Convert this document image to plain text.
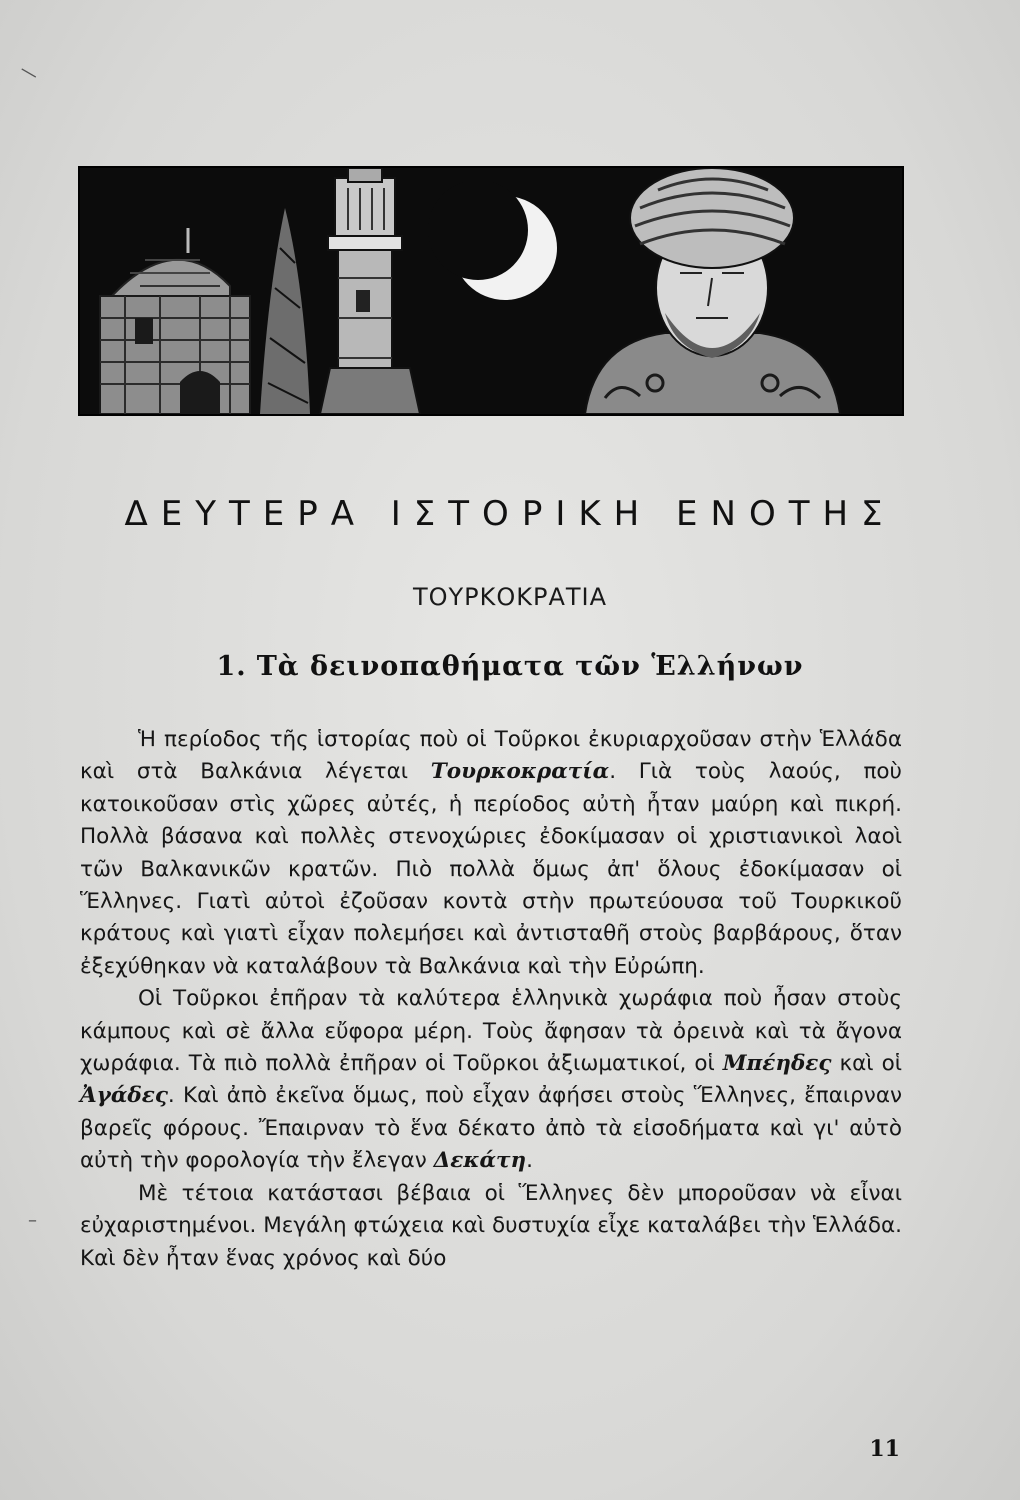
ΔΕΥΤΕΡΑ ΙΣΤΟΡΙΚΗ ΕΝΟΤΗΣ
ΤΟΥΡΚΟΚΡΑΤΙΑ
1. Τὰ δεινοπαθήματα τῶν Ἑλλήνων

Ἡ περίοδος τῆς ἱστορίας ποὺ οἱ Τοῦρκοι ἐκυριαρχοῦσαν στὴν Ἑλλάδα καὶ στὰ Βαλκάνια λέγεται Τουρκοκρατία. Γιὰ τοὺς λαούς, ποὺ κατοικοῦσαν στὶς χῶρες αὐτές, ἡ περίοδος αὐτὴ ἦταν μαύρη καὶ πικρή. Πολλὰ βάσανα καὶ πολλὲς στενοχώριες ἐδοκίμασαν οἱ χριστιανικοὶ λαοὶ τῶν Βαλκανικῶν κρατῶν. Πιὸ πολλὰ ὅμως ἀπ' ὅλους ἐδοκίμασαν οἱ Ἕλληνες. Γιατὶ αὐτοὶ ἐζοῦσαν κοντὰ στὴν πρωτεύουσα τοῦ Τουρκικοῦ κράτους καὶ γιατὶ εἶχαν πολεμήσει καὶ ἀντισταθῆ στοὺς βαρβάρους, ὅταν ἐξεχύθηκαν νὰ καταλάβουν τὰ Βαλκάνια καὶ τὴν Εὐρώπη.

Οἱ Τοῦρκοι ἐπῆραν τὰ καλύτερα ἑλληνικὰ χωράφια ποὺ ἦσαν στοὺς κάμπους καὶ σὲ ἄλλα εὔφορα μέρη. Τοὺς ἄφησαν τὰ ὀρεινὰ καὶ τὰ ἄγονα χωράφια. Τὰ πιὸ πολλὰ ἐπῆραν οἱ Τοῦρκοι ἀξιωματικοί, οἱ Μπέηδες καὶ οἱ Ἀγάδες. Καὶ ἀπὸ ἐκεῖνα ὅμως, ποὺ εἶχαν ἀφήσει στοὺς Ἕλληνες, ἔπαιρναν βαρεῖς φόρους. Ἔπαιρναν τὸ ἕνα δέκατο ἀπὸ τὰ εἰσοδήματα καὶ γι' αὐτὸ αὐτὴ τὴν φορολογία τὴν ἔλεγαν Δεκάτη.

Μὲ τέτοια κατάστασι βέβαια οἱ Ἕλληνες δὲν μποροῦσαν νὰ εἶναι εὐχαριστημένοι. Μεγάλη φτώχεια καὶ δυστυχία εἶχε καταλάβει τὴν Ἑλλάδα. Καὶ δὲν ἦταν ἕνας χρόνος καὶ δύο

11
—
–
